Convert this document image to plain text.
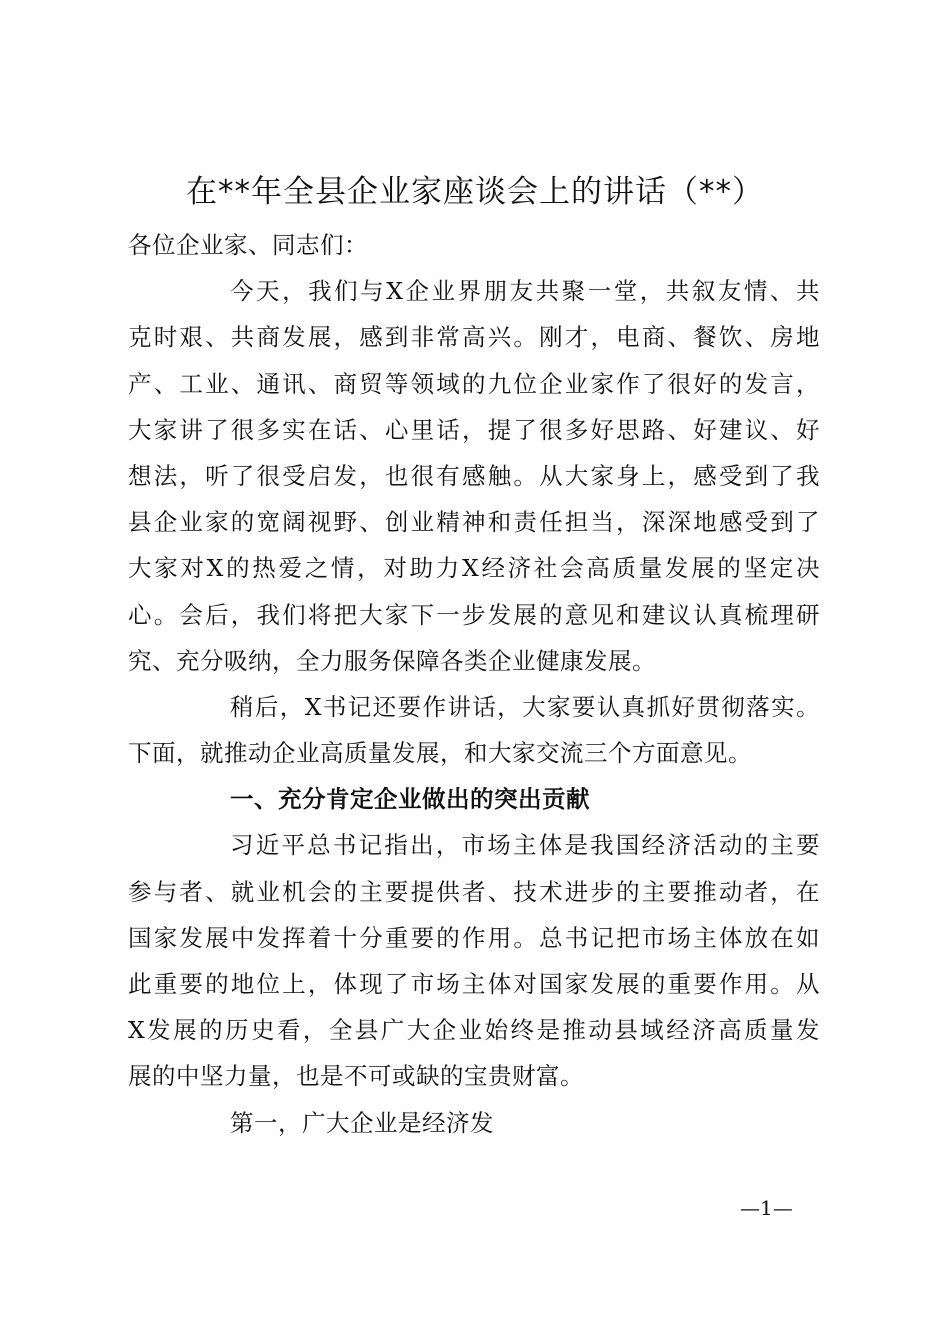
在**年全县企业家座谈会上的讲话（**）
各位企业家、同志们：
今天，我们与X企业界朋友共聚一堂，共叙友情、共
克时艰、共商发展，感到非常高兴。刚才，电商、餐饮、房地
产、工业、通讯、商贸等领域的九位企业家作了很好的发言，
大家讲了很多实在话、心里话，提了很多好思路、好建议、好
想法，听了很受启发，也很有感触。从大家身上，感受到了我
县企业家的宽阔视野、创业精神和责任担当，深深地感受到了
大家对X的热爱之情，对助力X经济社会高质量发展的坚定决
心。会后，我们将把大家下一步发展的意见和建议认真梳理研
究、充分吸纳，全力服务保障各类企业健康发展。
稍后，X书记还要作讲话，大家要认真抓好贯彻落实。
下面，就推动企业高质量发展，和大家交流三个方面意见。
一、充分肯定企业做出的突出贡献
习近平总书记指出，市场主体是我国经济活动的主要
参与者、就业机会的主要提供者、技术进步的主要推动者，在
国家发展中发挥着十分重要的作用。总书记把市场主体放在如
此重要的地位上，体现了市场主体对国家发展的重要作用。从
X发展的历史看，全县广大企业始终是推动县域经济高质量发
展的中坚力量，也是不可或缺的宝贵财富。
第一，广大企业是经济发
—1—
